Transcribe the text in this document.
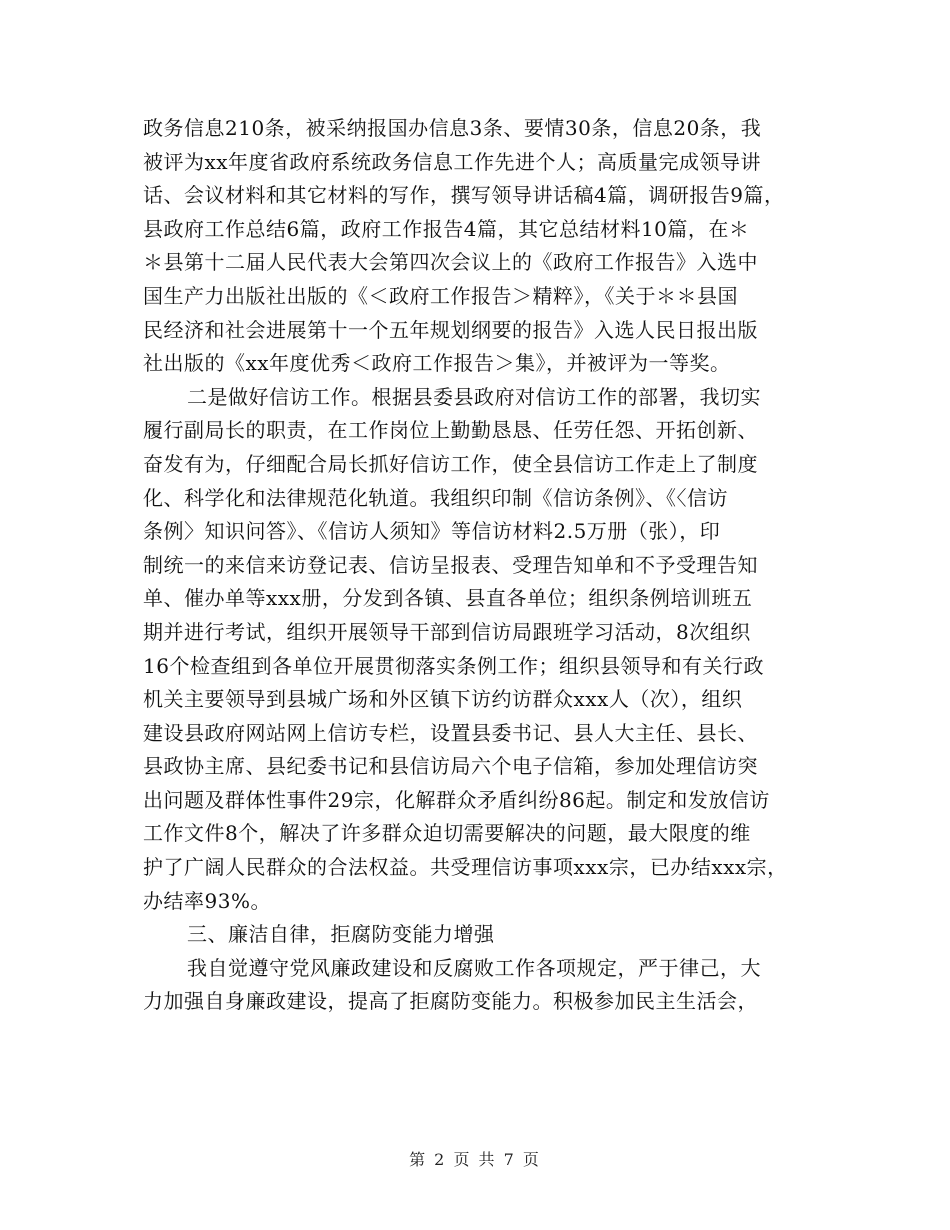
政务信息210条，被采纳报国办信息3条、要情30条，信息20条，我
被评为xx年度省政府系统政务信息工作先进个人；高质量完成领导讲
话、会议材料和其它材料的写作，撰写领导讲话稿4篇，调研报告9篇，
县政府工作总结6篇，政府工作报告4篇，其它总结材料10篇，在＊
＊县第十二届人民代表大会第四次会议上的《政府工作报告》入选中
国生产力出版社出版的《＜政府工作报告＞精粹》，《关于＊＊县国
民经济和社会进展第十一个五年规划纲要的报告》入选人民日报出版
社出版的《xx年度优秀＜政府工作报告＞集》，并被评为一等奖。
二是做好信访工作。根据县委县政府对信访工作的部署，我切实
履行副局长的职责，在工作岗位上勤勤恳恳、任劳任怨、开拓创新、
奋发有为，仔细配合局长抓好信访工作，使全县信访工作走上了制度
化、科学化和法律规范化轨道。我组织印制《信访条例》、《〈信访
条例〉知识问答》、《信访人须知》等信访材料2.5万册（张），印
制统一的来信来访登记表、信访呈报表、受理告知单和不予受理告知
单、催办单等xxx册，分发到各镇、县直各单位；组织条例培训班五
期并进行考试，组织开展领导干部到信访局跟班学习活动，8次组织
16个检查组到各单位开展贯彻落实条例工作；组织县领导和有关行政
机关主要领导到县城广场和外区镇下访约访群众xxx人（次），组织
建设县政府网站网上信访专栏，设置县委书记、县人大主任、县长、
县政协主席、县纪委书记和县信访局六个电子信箱，参加处理信访突
出问题及群体性事件29宗，化解群众矛盾纠纷86起。制定和发放信访
工作文件8个，解决了许多群众迫切需要解决的问题，最大限度的维
护了广阔人民群众的合法权益。共受理信访事项xxx宗，已办结xxx宗，
办结率93%。
三、廉洁自律，拒腐防变能力增强
我自觉遵守党风廉政建设和反腐败工作各项规定，严于律己，大
力加强自身廉政建设，提高了拒腐防变能力。积极参加民主生活会，
第 2 页 共 7 页
